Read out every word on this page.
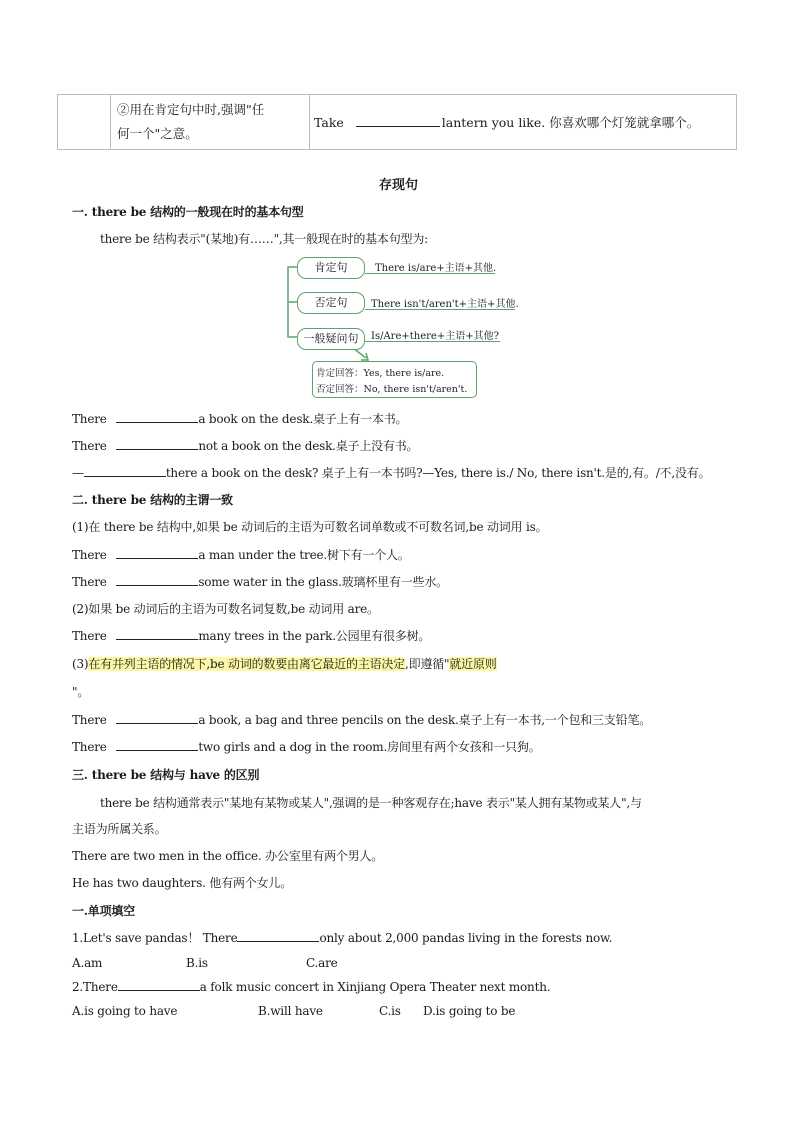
②用在肯定句中时,强调"任
何一个"之意。
	Take	lantern you like. 你喜欢哪个灯笼就拿哪个。
存现句
一. there be 结构的一般现在时的基本句型
there be 结构表示"(某地)有……",其一般现在时的基本句型为:
肯定句
否定句
一般疑问句
There is/are+主语+其他.
There isn't/aren't+主语+其他.
Is/Are+there+主语+其他?
肯定回答：Yes, there is/are.
否定回答：No, there isn't/aren't.
There	a book on the desk.桌子上有一本书。
There	not a book on the desk.桌子上没有书。
—	there a book on the desk? 桌子上有一本书吗?—Yes, there is./ No, there isn't.是的,有。/不,没有。
二. there be 结构的主谓一致
(1)在 there be 结构中,如果 be 动词后的主语为可数名词单数或不可数名词,be 动词用 is。
There	a man under the tree.树下有一个人。
There	some water in the glass.玻璃杯里有一些水。
(2)如果 be 动词后的主语为可数名词复数,be 动词用 are。
There	many trees in the park.公园里有很多树。
(3)在有并列主语的情况下,be 动词的数要由离它最近的主语决定,即遵循"就近原则
"。
There	a book, a bag and three pencils on the desk.桌子上有一本书,一个包和三支铅笔。
There	two girls and a dog in the room.房间里有两个女孩和一只狗。
三. there be 结构与 have 的区别
there be 结构通常表示"某地有某物或某人",强调的是一种客观存在;have 表示"某人拥有某物或某人",与
主语为所属关系。
There are two men in the office. 办公室里有两个男人。
He has two daughters. 他有两个女儿。
一.单项填空
1.Let's save pandas！ There	only about 2,000 pandas living in the forests now.
A.am	B.is	C.are
2.There	a folk music concert in Xinjiang Opera Theater next month.
A.is going to have	B.will have	C.is D.is going to be
